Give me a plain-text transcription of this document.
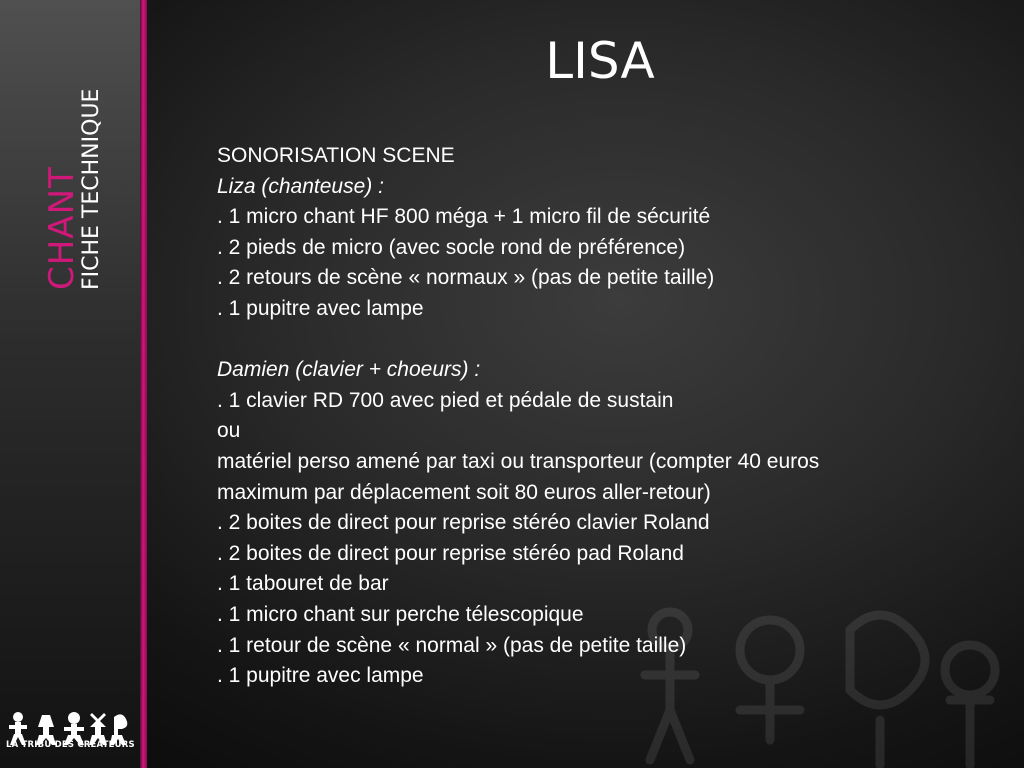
CHANT
FICHE TECHNIQUE
LISA
SONORISATION SCENE
Liza (chanteuse) :
. 1 micro chant HF 800 méga + 1 micro fil de sécurité
. 2 pieds de micro (avec socle rond de préférence)
. 2 retours de scène « normaux » (pas de petite taille)
. 1 pupitre avec lampe
Damien (clavier + choeurs) :
. 1 clavier RD 700 avec pied et pédale de sustain
ou
matériel perso amené par taxi ou transporteur (compter 40 euros
maximum par déplacement soit 80 euros aller-retour)
. 2 boites de direct pour reprise stéréo clavier Roland
. 2 boites de direct pour reprise stéréo pad Roland
. 1 tabouret de bar
. 1 micro chant sur perche télescopique
. 1 retour de scène « normal » (pas de petite taille)
. 1 pupitre avec lampe
LA TRIBU DES CRÉATEURS
